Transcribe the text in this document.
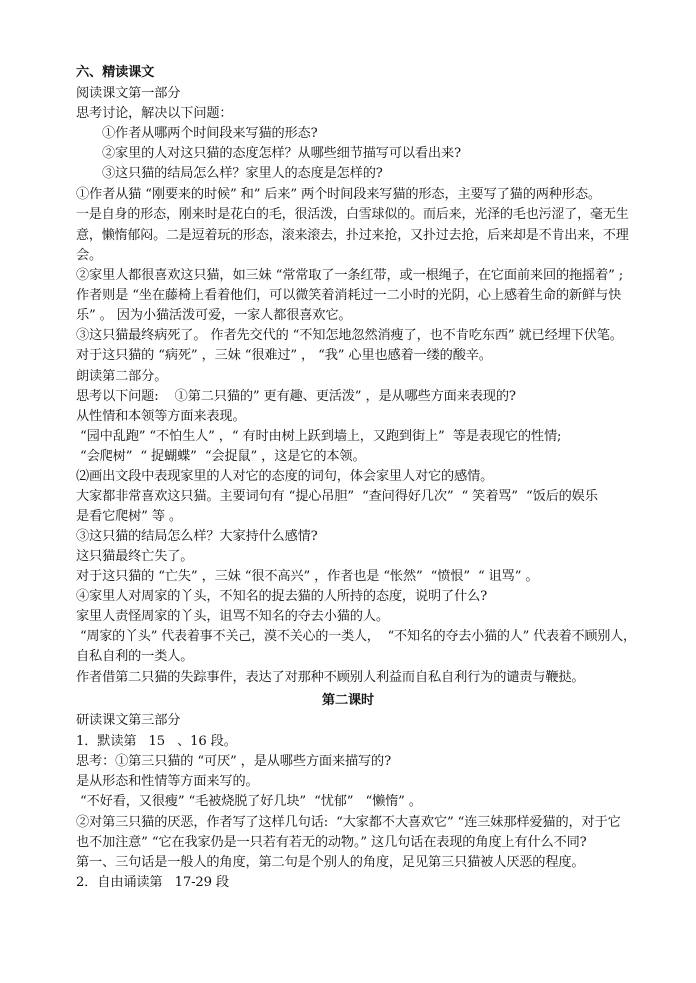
六、精读课文
阅读课文第一部分
思考讨论，解决以下问题：
①作者从哪两个时间段来写猫的形态?
②家里的人对这只猫的态度怎样？从哪些细节描写可以看出来?
③这只猫的结局怎么样？家里人的态度是怎样的?
①作者从猫 “刚要来的时候” 和” 后来” 两个时间段来写猫的形态，主要写了猫的两种形态。
一是自身的形态，刚来时是花白的毛，很活泼，白雪球似的。而后来，光泽的毛也污涩了，毫无生
意，懒惰郁闷。二是逗着玩的形态，滚来滚去，扑过来抢，又扑过去抢，后来却是不肯出来，不理
会。
②家里人都很喜欢这只猫，如三妹 “常常取了一条红带，或一根绳子，在它面前来回的拖摇着” ;
作者则是 “坐在藤椅上看着他们，可以微笑着消耗过一二小时的光阴，心上感着生命的新鲜与快
乐” 。 因为小猫活泼可爱，一家人都很喜欢它。
③这只猫最终病死了。 作者先交代的 “不知怎地忽然消瘦了，也不肯吃东西” 就已经埋下伏笔。
对于这只猫的 “病死” ，三妹 “很难过” ， “我” 心里也感着一缕的酸辛。
朗读第二部分。
思考以下问题:    ①第二只猫的” 更有趣、更活泼” ，是从哪些方面来表现的?
从性情和本领等方面来表现。
“园中乱跑” “不怕生人” ，“ 有时由树上跃到墙上，又跑到街上”  等是表现它的性情;
“会爬树”  “ 捉蝴蝶”  “会捉鼠” ，这是它的本领。
⑵画出文段中表现家里的人对它的态度的词句，体会家里人对它的感情。
大家都非常喜欢这只猫。主要词句有 “提心吊胆”  “查问得好几次”  “ 笑着骂”  “饭后的娱乐
是看它爬树” 等 。
③这只猫的结局怎么样？大家持什么感情?
这只猫最终亡失了。
对于这只猫的 “亡失” ，三妹 “很不高兴” ，作者也是 “怅然”  “愤恨”  “ 诅骂” 。
④家里人对周家的丫头，不知名的捉去猫的人所持的态度，说明了什么?
家里人责怪周家的丫头，诅骂不知名的夺去小猫的人。
“周家的丫头” 代表着事不关己，漠不关心的一类人，  “不知名的夺去小猫的人” 代表着不顾别人，
自私自利的一类人。
作者借第二只猫的失踪事件，表达了对那种不顾别人利益而自私自利行为的谴责与鞭挞。
第二课时
研读课文第三部分
1．默读第   15   、16 段。
思考：①第三只猫的 “可厌” ，是从哪些方面来描写的?
是从形态和性情等方面来写的。
“不好看，又很瘦” “毛被烧脱了好几块”  “忧郁”   “懒惰” 。
②对第三只猫的厌恶，作者写了这样几句话:  “大家都不大喜欢它” “连三妹那样爱猫的，对于它
也不加注意” “它在我家仍是一只若有若无的动物。” 这几句话在表现的角度上有什么不同?
第一、三句话是一般人的角度，第二句是个别人的角度，足见第三只猫被人厌恶的程度。
2．自由诵读第   17-29 段
